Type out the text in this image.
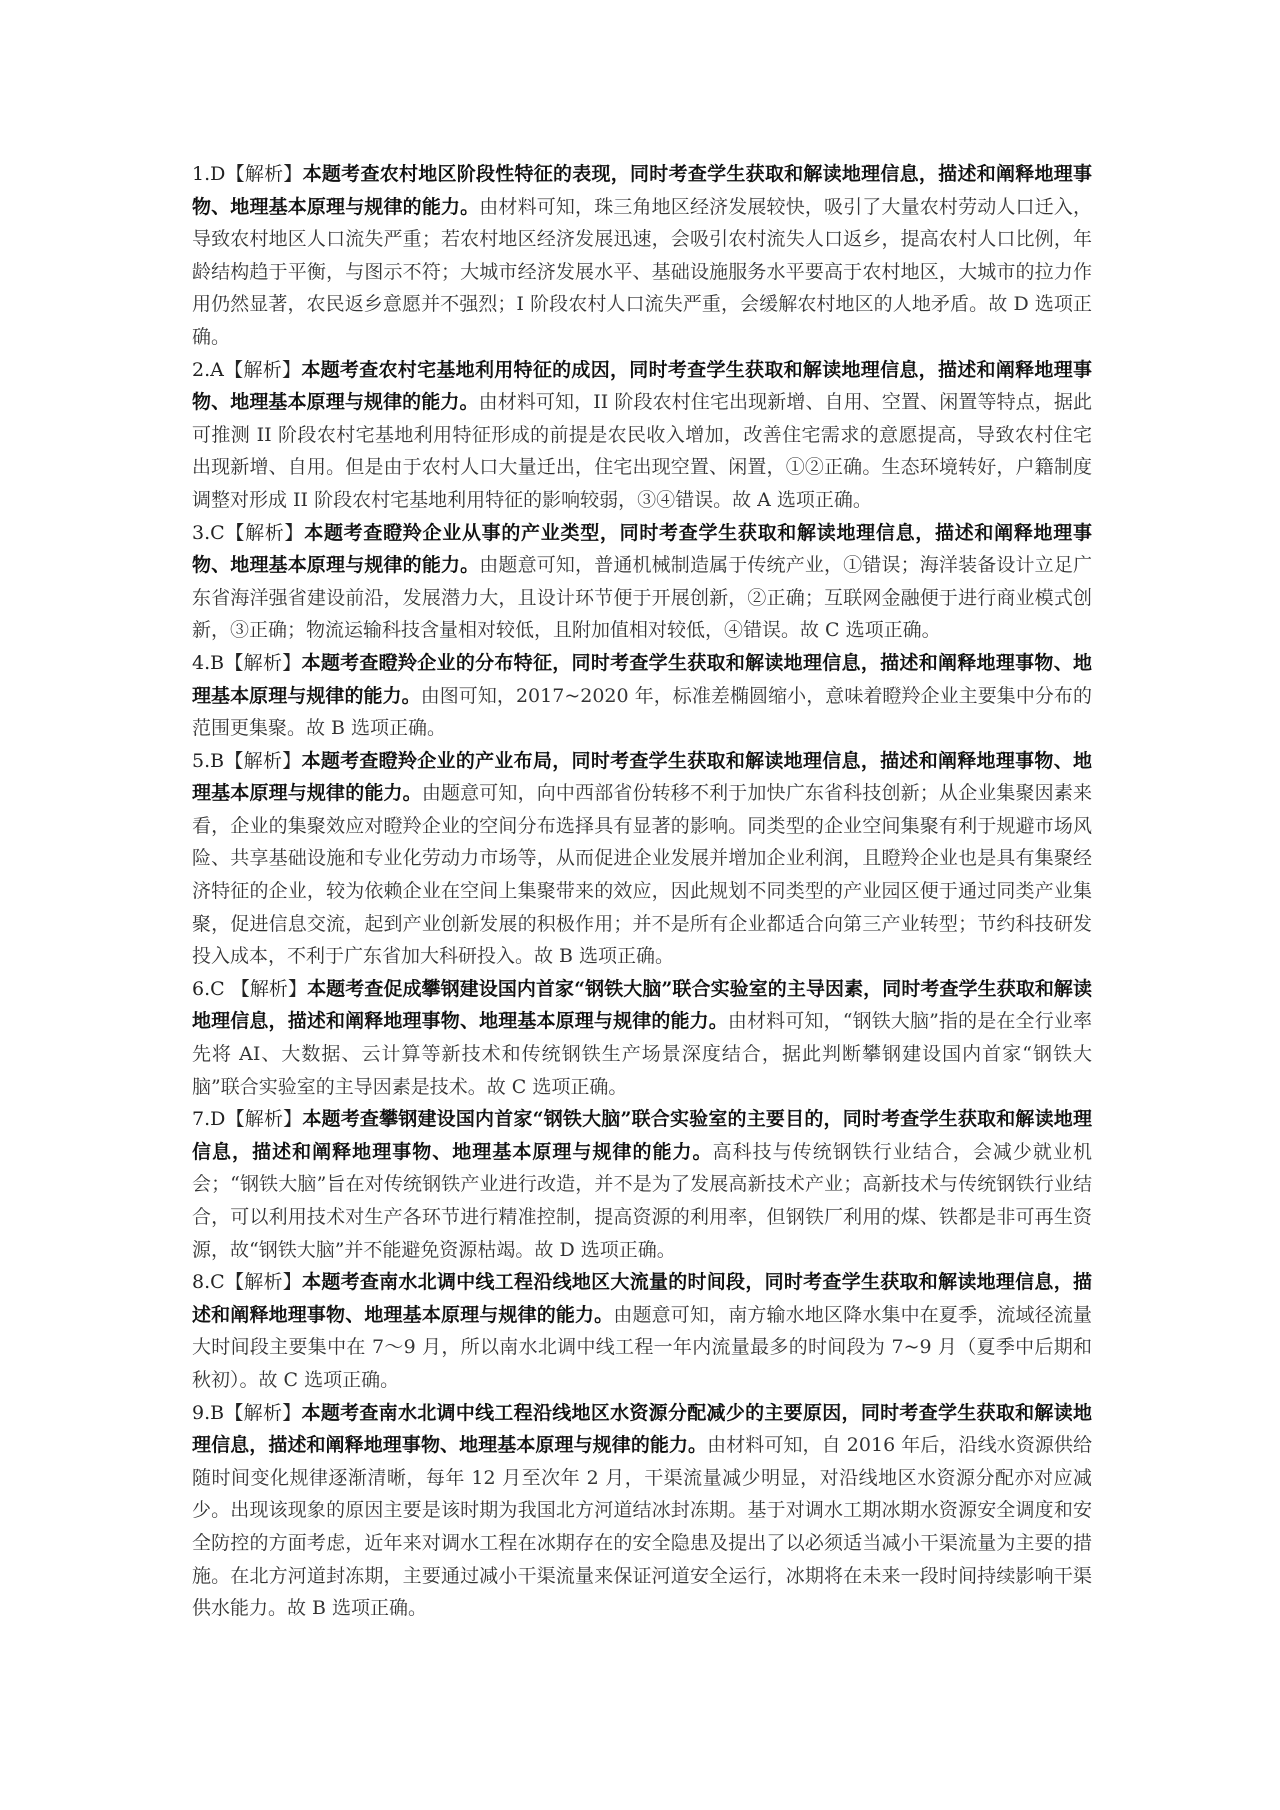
1.D【解析】本题考查农村地区阶段性特征的表现，同时考查学生获取和解读地理信息，描述和阐释地理事物、地理基本原理与规律的能力。由材料可知，珠三角地区经济发展较快，吸引了大量农村劳动人口迁入，导致农村地区人口流失严重；若农村地区经济发展迅速，会吸引农村流失人口返乡，提高农村人口比例，年龄结构趋于平衡，与图示不符；大城市经济发展水平、基础设施服务水平要高于农村地区，大城市的拉力作用仍然显著，农民返乡意愿并不强烈；I 阶段农村人口流失严重，会缓解农村地区的人地矛盾。故 D 选项正确。

2.A【解析】本题考查农村宅基地利用特征的成因，同时考查学生获取和解读地理信息，描述和阐释地理事物、地理基本原理与规律的能力。由材料可知，II 阶段农村住宅出现新增、自用、空置、闲置等特点，据此可推测 II 阶段农村宅基地利用特征形成的前提是农民收入增加，改善住宅需求的意愿提高，导致农村住宅出现新增、自用。但是由于农村人口大量迁出，住宅出现空置、闲置，①②正确。生态环境转好，户籍制度调整对形成 II 阶段农村宅基地利用特征的影响较弱，③④错误。故 A 选项正确。

3.C【解析】本题考查瞪羚企业从事的产业类型，同时考查学生获取和解读地理信息，描述和阐释地理事物、地理基本原理与规律的能力。由题意可知，普通机械制造属于传统产业，①错误；海洋装备设计立足广东省海洋强省建设前沿，发展潜力大，且设计环节便于开展创新，②正确；互联网金融便于进行商业模式创新，③正确；物流运输科技含量相对较低，且附加值相对较低，④错误。故 C 选项正确。

4.B【解析】本题考查瞪羚企业的分布特征，同时考查学生获取和解读地理信息，描述和阐释地理事物、地理基本原理与规律的能力。由图可知，2017~2020 年，标准差椭圆缩小，意味着瞪羚企业主要集中分布的范围更集聚。故 B 选项正确。

5.B【解析】本题考查瞪羚企业的产业布局，同时考查学生获取和解读地理信息，描述和阐释地理事物、地理基本原理与规律的能力。由题意可知，向中西部省份转移不利于加快广东省科技创新；从企业集聚因素来看，企业的集聚效应对瞪羚企业的空间分布选择具有显著的影响。同类型的企业空间集聚有利于规避市场风险、共享基础设施和专业化劳动力市场等，从而促进企业发展并增加企业利润，且瞪羚企业也是具有集聚经济特征的企业，较为依赖企业在空间上集聚带来的效应，因此规划不同类型的产业园区便于通过同类产业集聚，促进信息交流，起到产业创新发展的积极作用；并不是所有企业都适合向第三产业转型；节约科技研发投入成本，不利于广东省加大科研投入。故 B 选项正确。

6.C 【解析】本题考查促成攀钢建设国内首家“钢铁大脑”联合实验室的主导因素，同时考查学生获取和解读地理信息，描述和阐释地理事物、地理基本原理与规律的能力。由材料可知，“钢铁大脑”指的是在全行业率先将 AI、大数据、云计算等新技术和传统钢铁生产场景深度结合，据此判断攀钢建设国内首家“钢铁大脑”联合实验室的主导因素是技术。故 C 选项正确。

7.D【解析】本题考查攀钢建设国内首家“钢铁大脑”联合实验室的主要目的，同时考查学生获取和解读地理信息，描述和阐释地理事物、地理基本原理与规律的能力。高科技与传统钢铁行业结合，会减少就业机会；“钢铁大脑”旨在对传统钢铁产业进行改造，并不是为了发展高新技术产业；高新技术与传统钢铁行业结合，可以利用技术对生产各环节进行精准控制，提高资源的利用率，但钢铁厂利用的煤、铁都是非可再生资源，故“钢铁大脑”并不能避免资源枯竭。故 D 选项正确。

8.C【解析】本题考查南水北调中线工程沿线地区大流量的时间段，同时考查学生获取和解读地理信息，描述和阐释地理事物、地理基本原理与规律的能力。由题意可知，南方输水地区降水集中在夏季，流域径流量大时间段主要集中在 7～9 月，所以南水北调中线工程一年内流量最多的时间段为 7~9 月（夏季中后期和秋初）。故 C 选项正确。

9.B【解析】本题考查南水北调中线工程沿线地区水资源分配减少的主要原因，同时考查学生获取和解读地理信息，描述和阐释地理事物、地理基本原理与规律的能力。由材料可知，自 2016 年后，沿线水资源供给随时间变化规律逐渐清晰，每年 12 月至次年 2 月，干渠流量减少明显，对沿线地区水资源分配亦对应减少。出现该现象的原因主要是该时期为我国北方河道结冰封冻期。基于对调水工期冰期水资源安全调度和安全防控的方面考虑，近年来对调水工程在冰期存在的安全隐患及提出了以必须适当减小干渠流量为主要的措施。在北方河道封冻期，主要通过减小干渠流量来保证河道安全运行，冰期将在未来一段时间持续影响干渠供水能力。故 B 选项正确。
